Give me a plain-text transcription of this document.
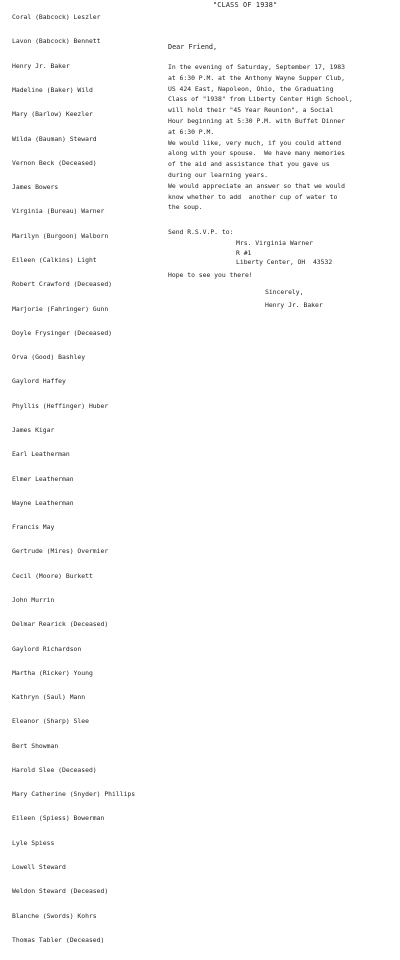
Coral (Babcock) Leszler

Lavon (Babcock) Bennett

Henry Jr. Baker

Madeline (Baker) Wild

Mary (Barlow) Keezler

Wilda (Bauman) Steward

Vernon Beck (Deceased)

James Bowers

Virginia (Bureau) Warner

Marilyn (Burgoon) Walborn

Eileen (Calkins) Light

Robert Crawford (Deceased)

Marjorie (Fahringer) Gunn

Doyle Frysinger (Deceased)

Orva (Good) Bashley

Gaylord Haffey

Phyllis (Heffinger) Huber

James Kigar

Earl Leatherman

Elmer Leatherman

Wayne Leatherman

Francis May

Gertrude (Mires) Overmier

Cecil (Moore) Burkett

John Murrin

Delmar Rearick (Deceased)

Gaylord Richardson

Martha (Ricker) Young

Kathryn (Saul) Mann

Eleanor (Sharp) Slee

Bert Showman

Harold Slee (Deceased)

Mary Catherine (Snyder) Phillips

Eileen (Spiess) Bowerman

Lyle Spiess

Lowell Steward

Weldon Steward (Deceased)

Blanche (Swords) Kohrs

Thomas Tabler (Deceased)

"CLASS OF 1938"
Dear Friend,
In the evening of Saturday, September 17, 1983
at 6:30 P.M. at the Anthony Wayne Supper Club,
US 424 East, Napoleon, Ohio, the Graduating
Class of "1938" from Liberty Center High School,
will hold their "45 Year Reunion", a Social
Hour beginning at 5:30 P.M. with Buffet Dinner
at 6:30 P.M.
We would like, very much, if you could attend
along with your spouse.  We have many memories
of the aid and assistance that you gave us
during our learning years.
We would appreciate an answer so that we would
know whether to add  another cup of water to
the soup.
Send R.S.V.P. to:
Mrs. Virginia Warner
R #1
Liberty Center, OH  43532
Hope to see you there!
Sincerely,
Henry Jr. Baker
